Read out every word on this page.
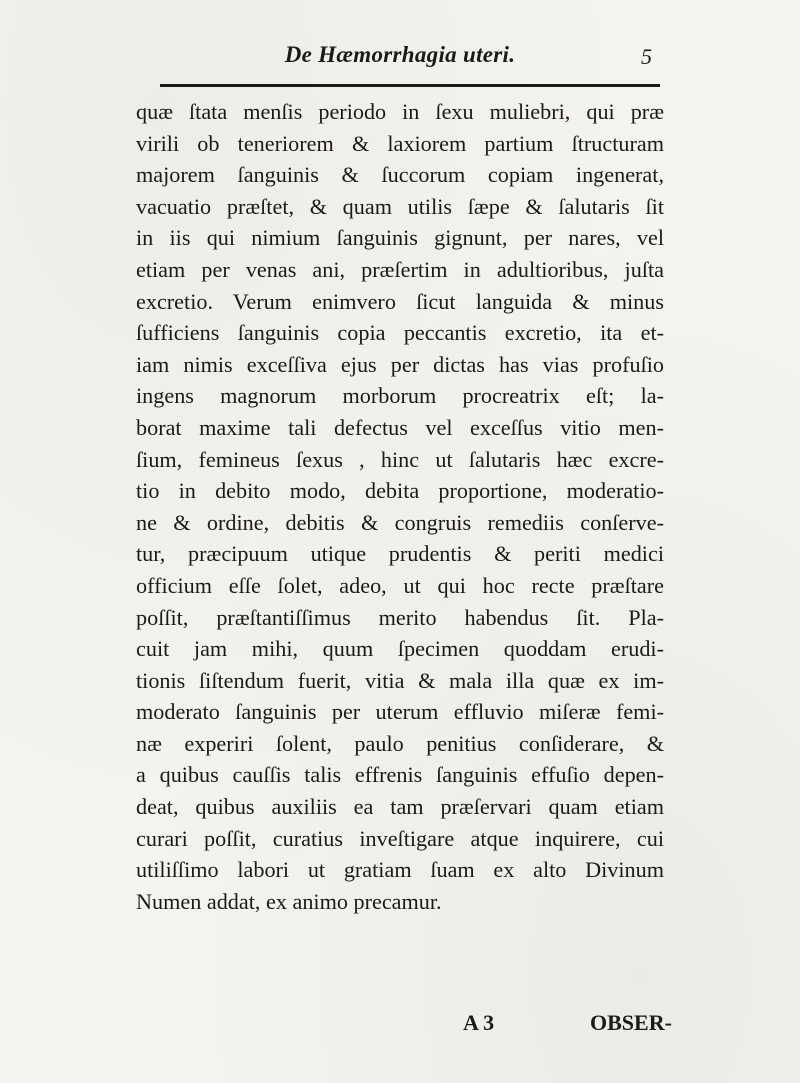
De Hæmorrhagia uteri.	5
quæ ſtata menſis periodo in ſexu muliebri, qui præ
virili ob teneriorem & laxiorem partium ſtructuram
majorem ſanguinis & ſuccorum copiam ingenerat,
vacuatio præſtet, & quam utilis ſæpe & ſalutaris ſit
in iis qui nimium ſanguinis gignunt, per nares, vel
etiam per venas ani, præſertim in adultioribus, juſta
excretio. Verum enimvero ſicut languida & minus
ſufficiens ſanguinis copia peccantis excretio, ita et-
iam nimis exceſſiva ejus per dictas has vias profuſio
ingens magnorum morborum procreatrix eſt; la-
borat maxime tali defectus vel exceſſus vitio men-
ſium, femineus ſexus , hinc ut ſalutaris hæc excre-
tio in debito modo, debita proportione, moderatio-
ne & ordine, debitis & congruis remediis conſerve-
tur, præcipuum utique prudentis & periti medici
officium eſſe ſolet, adeo, ut qui hoc recte præſtare
poſſit, præſtantiſſimus merito habendus ſit. Pla-
cuit jam mihi, quum ſpecimen quoddam erudi-
tionis ſiſtendum fuerit, vitia & mala illa quæ ex im-
moderato ſanguinis per uterum effluvio miſeræ femi-
næ experiri ſolent, paulo penitius conſiderare, &
a quibus cauſſis talis effrenis ſanguinis effuſio depen-
deat, quibus auxiliis ea tam præſervari quam etiam
curari poſſit, curatius inveſtigare atque inquirere, cui
utiliſſimo labori ut gratiam ſuam ex alto Divinum
Numen addat, ex animo precamur.
A 3	OBSER-
